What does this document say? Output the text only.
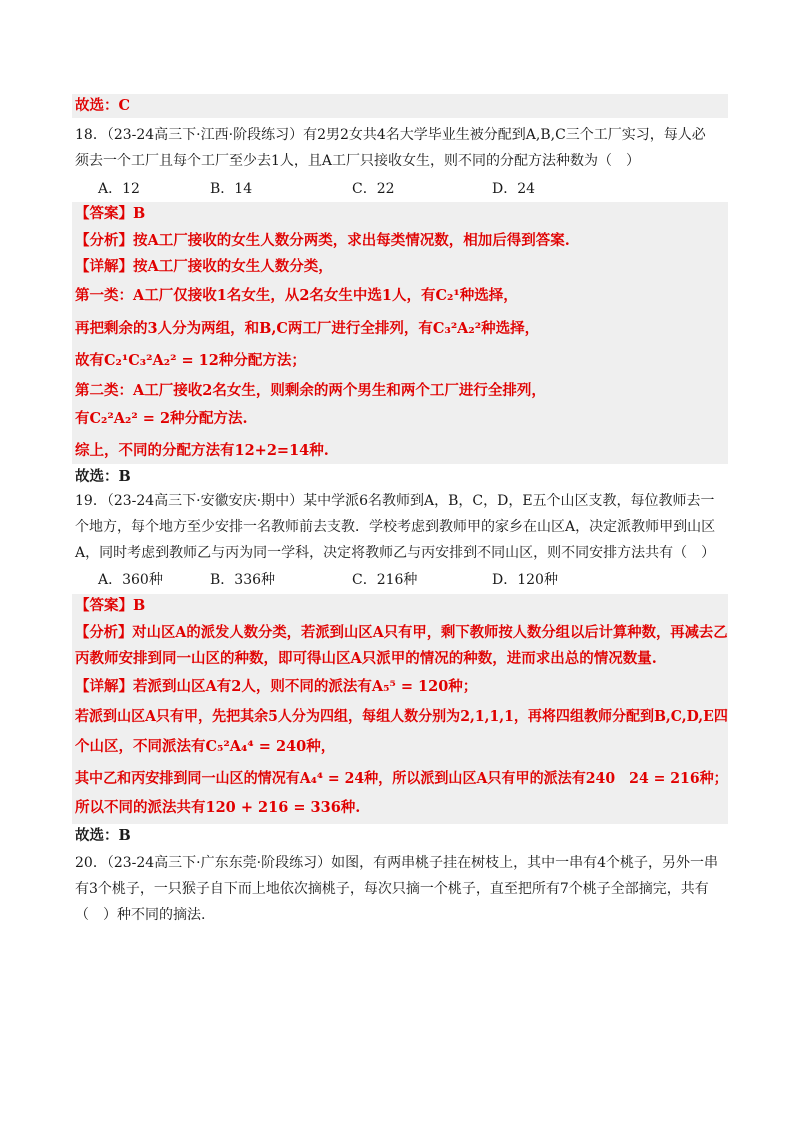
故选：C
18．（23-24高三下·江西·阶段练习）有2男2女共4名大学毕业生被分配到A,B,C三个工厂实习，每人必
须去一个工厂且每个工厂至少去1人，且A工厂只接收女生，则不同的分配方法种数为（　）
A．12	B．14	C．22	D．24
【答案】B
【分析】按A工厂接收的女生人数分两类，求出每类情况数，相加后得到答案.
【详解】按A工厂接收的女生人数分类，
第一类：A工厂仅接收1名女生，从2名女生中选1人，有C₂¹种选择，
再把剩余的3人分为两组，和B,C两工厂进行全排列，有C₃²A₂²种选择，
故有C₂¹C₃²A₂² = 12种分配方法；
第二类：A工厂接收2名女生，则剩余的两个男生和两个工厂进行全排列，
有C₂²A₂² = 2种分配方法.
综上，不同的分配方法有12+2=14种.
故选：B
19．（23-24高三下·安徽安庆·期中）某中学派6名教师到A，B，C，D，E五个山区支教，每位教师去一
个地方，每个地方至少安排一名教师前去支教．学校考虑到教师甲的家乡在山区A，决定派教师甲到山区
A，同时考虑到教师乙与丙为同一学科，决定将教师乙与丙安排到不同山区，则不同安排方法共有（　）
A．360种	B．336种	C．216种	D．120种
【答案】B
【分析】对山区A的派发人数分类，若派到山区A只有甲，剩下教师按人数分组以后计算种数，再减去乙
丙教师安排到同一山区的种数，即可得山区A只派甲的情况的种数，进而求出总的情况数量.
【详解】若派到山区A有2人，则不同的派法有A₅⁵ = 120种；
若派到山区A只有甲，先把其余5人分为四组，每组人数分别为2,1,1,1，再将四组教师分配到B,C,D,E四
个山区，不同派法有C₅²A₄⁴ = 240种，
其中乙和丙安排到同一山区的情况有A₄⁴ = 24种，所以派到山区A只有甲的派法有240　24 = 216种；
所以不同的派法共有120 + 216 = 336种.
故选：B
20．（23-24高三下·广东东莞·阶段练习）如图，有两串桃子挂在树枝上，其中一串有4个桃子，另外一串
有3个桃子，一只猴子自下而上地依次摘桃子，每次只摘一个桃子，直至把所有7个桃子全部摘完，共有
（　）种不同的摘法.
